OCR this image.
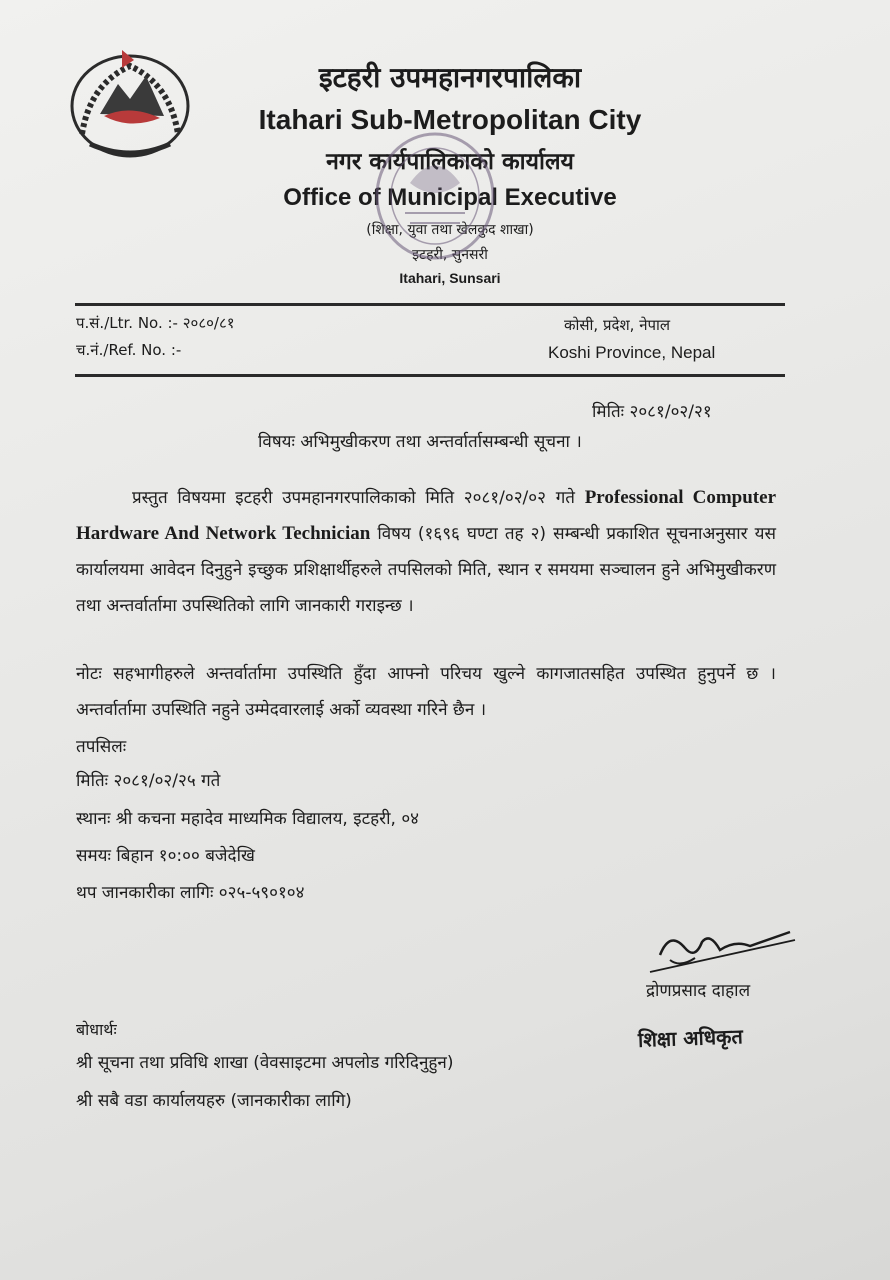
इटहरी उपमहानगरपालिका
Itahari Sub-Metropolitan City
नगर कार्यपालिकाको कार्यालय
Office of Municipal Executive
(शिक्षा, युवा तथा खेलकुद शाखा)
इटहरी, सुनसरी
Itahari, Sunsari
प.सं./Ltr. No. :- २०८०/८१
च.नं./Ref. No. :-
कोसी, प्रदेश, नेपाल
Koshi Province, Nepal
मितिः २०८१/०२/२१
विषयः अभिमुखीकरण तथा अन्तर्वार्तासम्बन्धी सूचना ।
प्रस्तुत विषयमा इटहरी उपमहानगरपालिकाको मिति २०८१/०२/०२ गते Professional Computer Hardware And Network Technician विषय (१६९६ घण्टा तह २) सम्बन्धी प्रकाशित सूचनाअनुसार यस कार्यालयमा आवेदन दिनुहुने इच्छुक प्रशिक्षार्थीहरुले तपसिलको मिति, स्थान र समयमा सञ्चालन हुने अभिमुखीकरण तथा अन्तर्वार्तामा उपस्थितिको लागि जानकारी गराइन्छ ।
नोटः सहभागीहरुले अन्तर्वार्तामा उपस्थिति हुँदा आफ्नो परिचय खुल्ने कागजातसहित उपस्थित हुनुपर्ने छ । अन्तर्वार्तामा उपस्थिति नहुने उम्मेदवारलाई अर्को व्यवस्था गरिने छैन ।
तपसिलः
मितिः २०८१/०२/२५ गते
स्थानः श्री कचना महादेव माध्यमिक विद्यालय, इटहरी, ०४
समयः बिहान १०:०० बजेदेखि
थप जानकारीका लागिः ०२५-५९०१०४
द्रोणप्रसाद दाहाल
शिक्षा अधिकृत
बोधार्थः
श्री सूचना तथा प्रविधि शाखा (वेवसाइटमा अपलोड गरिदिनुहुन)
श्री सबै वडा कार्यालयहरु (जानकारीका लागि)
